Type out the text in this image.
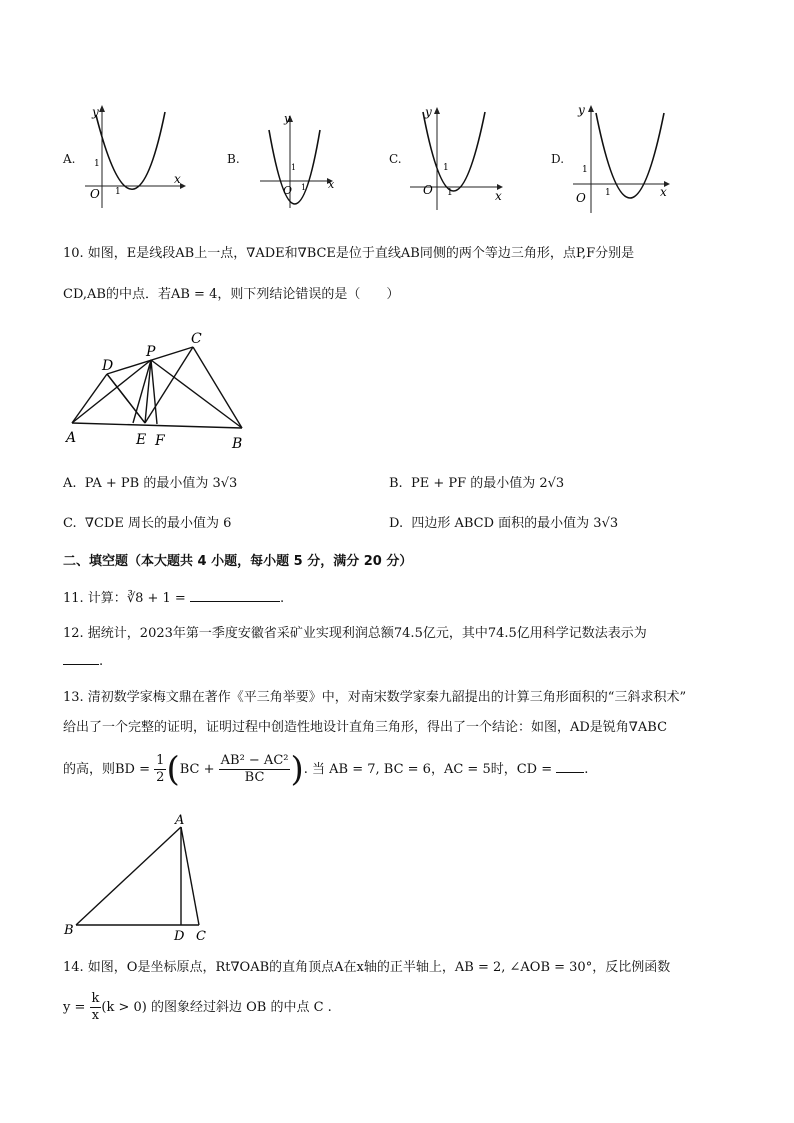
A.
y
x
O 1
1	B.
y
x
O 1
1
C.
y
x
O 1
1
D.
y
x
O 1
1
10. 如图，E是线段AB上一点，∇ADE和∇BCE是位于直线AB同侧的两个等边三角形，点P,F分别是
CD,AB的中点．若AB = 4，则下列结论错误的是（　　）
D
P
C
A	E F	B
A. PA + PB 的最小值为 3√3	B. PE + PF 的最小值为 2√3
C. ∇CDE 周长的最小值为 6	D. 四边形 ABCD 面积的最小值为 3√3
二、填空题（本大题共 4 小题，每小题 5 分，满分 20 分）
11. 计算：∛8 + 1 =	.
12. 据统计，2023年第一季度安徽省采矿业实现利润总额74.5亿元，其中74.5亿用科学记数法表示为
.
13. 清初数学家梅文鼎在著作《平三角举要》中，对南宋数学家秦九韶提出的计算三角形面积的“三斜求积术”
给出了一个完整的证明，证明过程中创造性地设计直角三角形，得出了一个结论：如图，AD是锐角∇ABC
的高，则BD = $\frac{1}{2} (BC + \frac{\text{AB² − AC²}}{BC}$ ). 当 AB = 7, BC = 6，AC = 5时，CD = .
A
B	D C
14. 如图，O是坐标原点，Rt∇OAB的直角顶点A在x轴的正半轴上，AB = 2, ∠AOB = 30°，反比例函数
$y = \frac{k}{x} (k > 0)$ 的图象经过斜边 OB 的中点 C .
